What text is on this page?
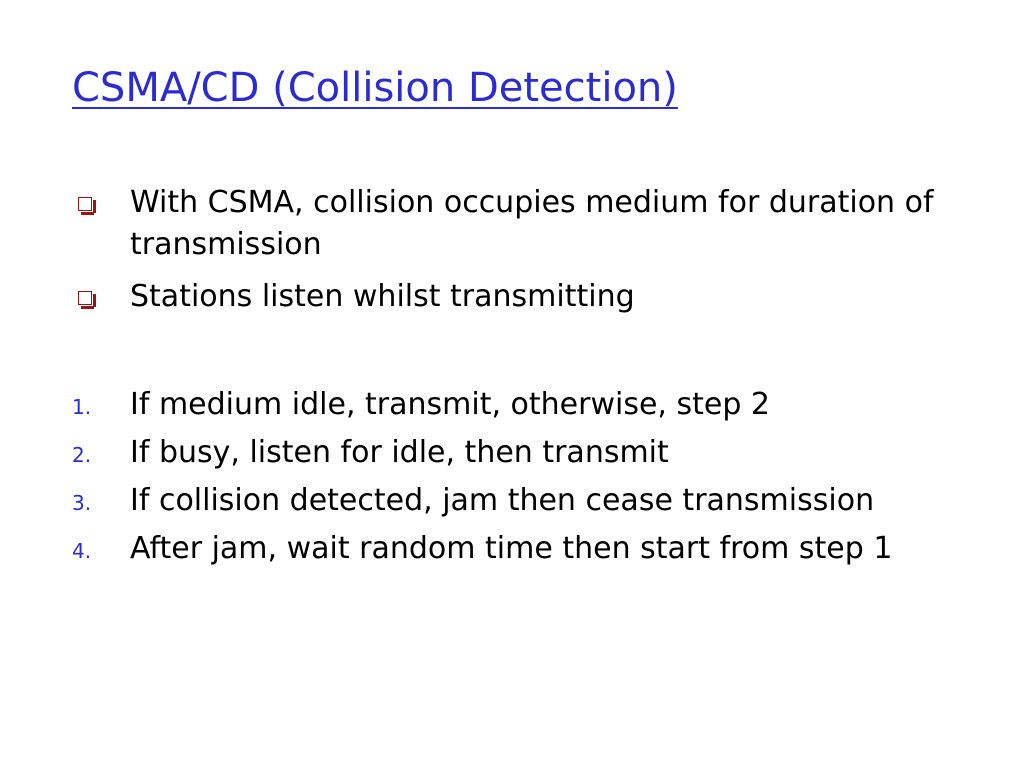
CSMA/CD (Collision Detection)
With CSMA, collision occupies medium for duration of transmission
Stations listen whilst transmitting
1. If medium idle, transmit, otherwise, step 2
2. If busy, listen for idle, then transmit
3. If collision detected, jam then cease transmission
4. After jam, wait random time then start from step 1
